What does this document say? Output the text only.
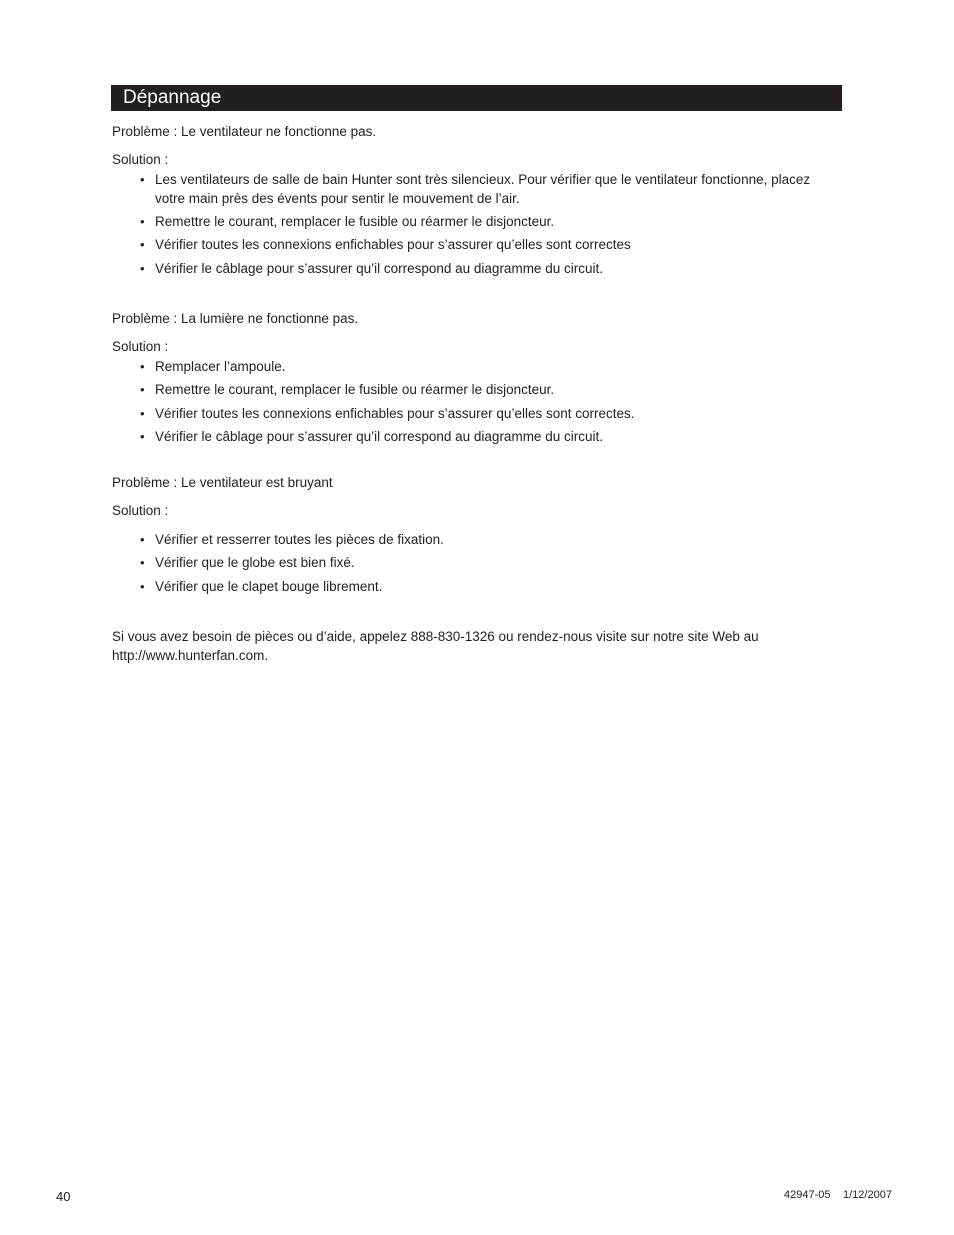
Dépannage

Problème : Le ventilateur ne fonctionne pas.

Solution :

• Les ventilateurs de salle de bain Hunter sont très silencieux. Pour vérifier que le ventilateur fonctionne, placez votre main près des évents pour sentir le mouvement de l’air.

• Remettre le courant, remplacer le fusible ou réarmer le disjoncteur.

• Vérifier toutes les connexions enfichables pour s’assurer qu’elles sont correctes

• Vérifier le câblage pour s’assurer qu’il correspond au diagramme du circuit.

Problème : La lumière ne fonctionne pas.

Solution :

• Remplacer l’ampoule.

• Remettre le courant, remplacer le fusible ou réarmer le disjoncteur.

• Vérifier toutes les connexions enfichables pour s’assurer qu’elles sont correctes.

• Vérifier le câblage pour s’assurer qu’il correspond au diagramme du circuit.

Problème : Le ventilateur est bruyant

Solution :

• Vérifier et resserrer toutes les pièces de fixation.

• Vérifier que le globe est bien fixé.

• Vérifier que le clapet bouge librement.

Si vous avez besoin de pièces ou d’aide, appelez 888-830-1326 ou rendez-nous visite sur notre site Web au

http://www.hunterfan.com.

40	42947-05 1/12/2007
